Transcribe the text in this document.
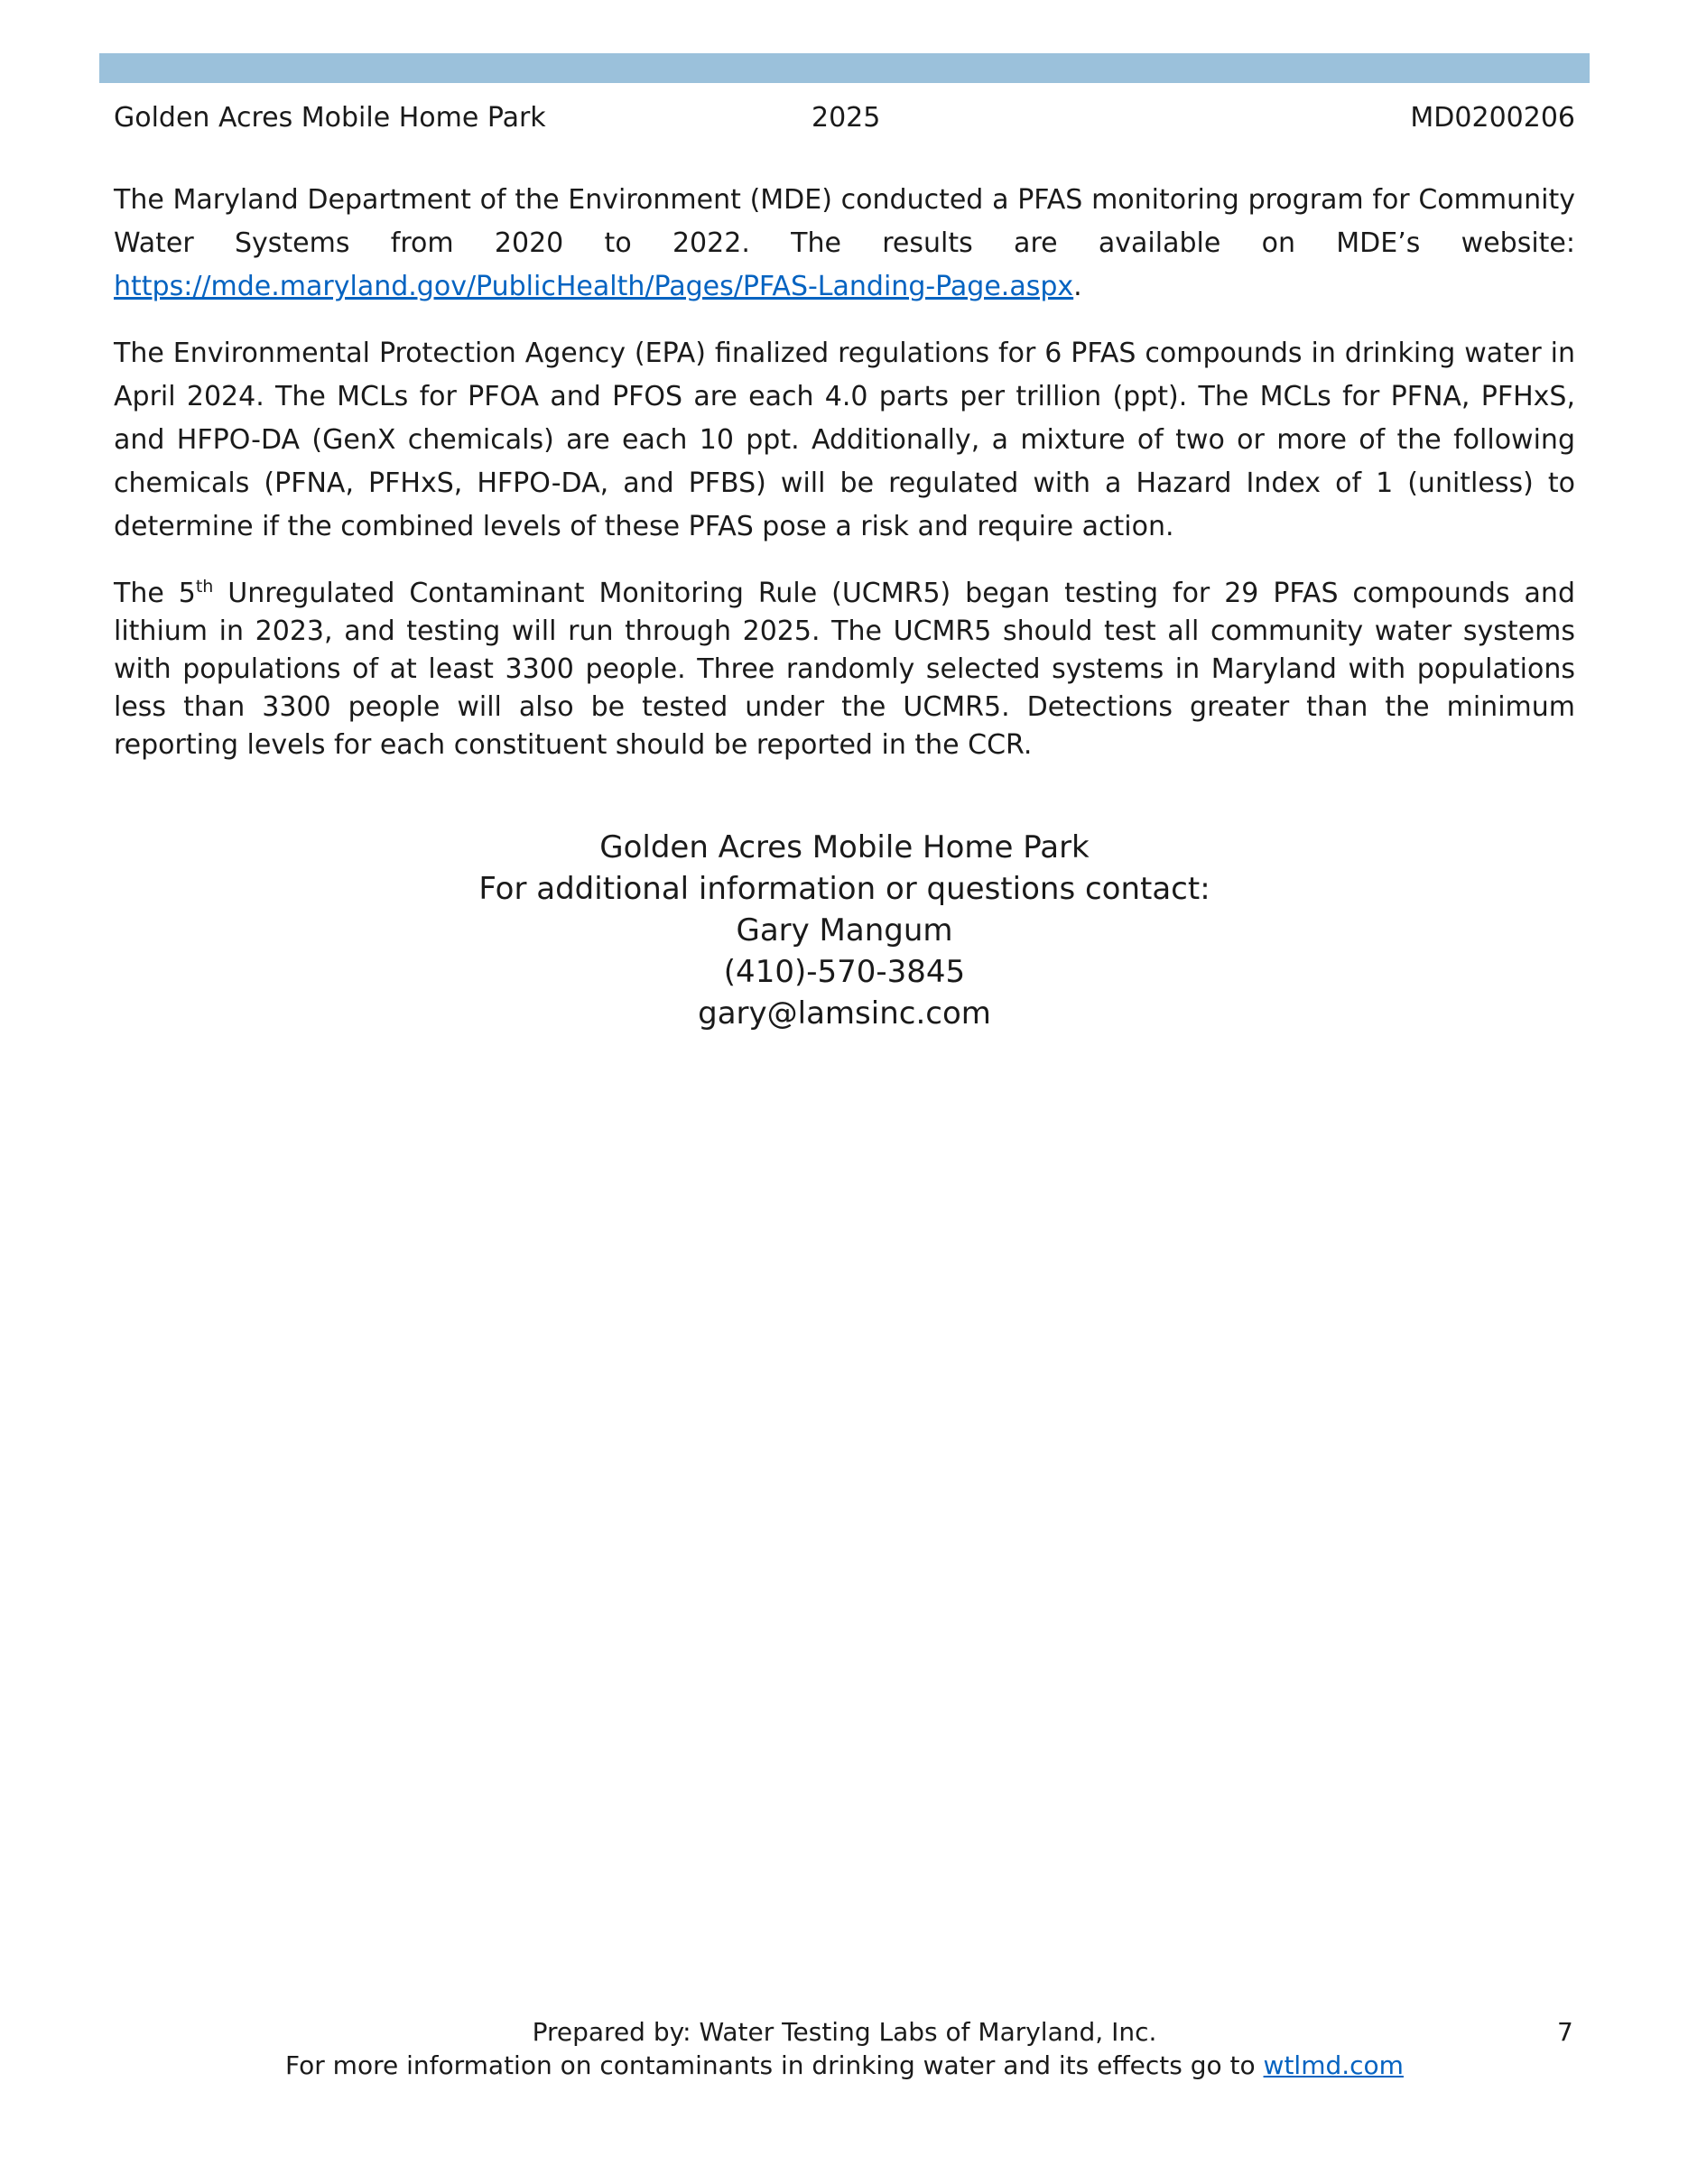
Golden Acres Mobile Home Park	2025	MD0200206

The Maryland Department of the Environment (MDE) conducted a PFAS monitoring program for Community Water Systems from 2020 to 2022. The results are available on MDE’s website: https://mde.maryland.gov/PublicHealth/Pages/PFAS-Landing-Page.aspx.

The Environmental Protection Agency (EPA) finalized regulations for 6 PFAS compounds in drinking water in April 2024. The MCLs for PFOA and PFOS are each 4.0 parts per trillion (ppt). The MCLs for PFNA, PFHxS, and HFPO-DA (GenX chemicals) are each 10 ppt. Additionally, a mixture of two or more of the following chemicals (PFNA, PFHxS, HFPO-DA, and PFBS) will be regulated with a Hazard Index of 1 (unitless) to determine if the combined levels of these PFAS pose a risk and require action.

The 5th Unregulated Contaminant Monitoring Rule (UCMR5) began testing for 29 PFAS compounds and lithium in 2023, and testing will run through 2025. The UCMR5 should test all community water systems with populations of at least 3300 people. Three randomly selected systems in Maryland with populations less than 3300 people will also be tested under the UCMR5. Detections greater than the minimum reporting levels for each constituent should be reported in the CCR.

Golden Acres Mobile Home Park
For additional information or questions contact:
Gary Mangum
(410)-570-3845
gary@lamsinc.com
Prepared by: Water Testing Labs of Maryland, Inc.
For more information on contaminants in drinking water and its effects go to wtlmd.com
7
